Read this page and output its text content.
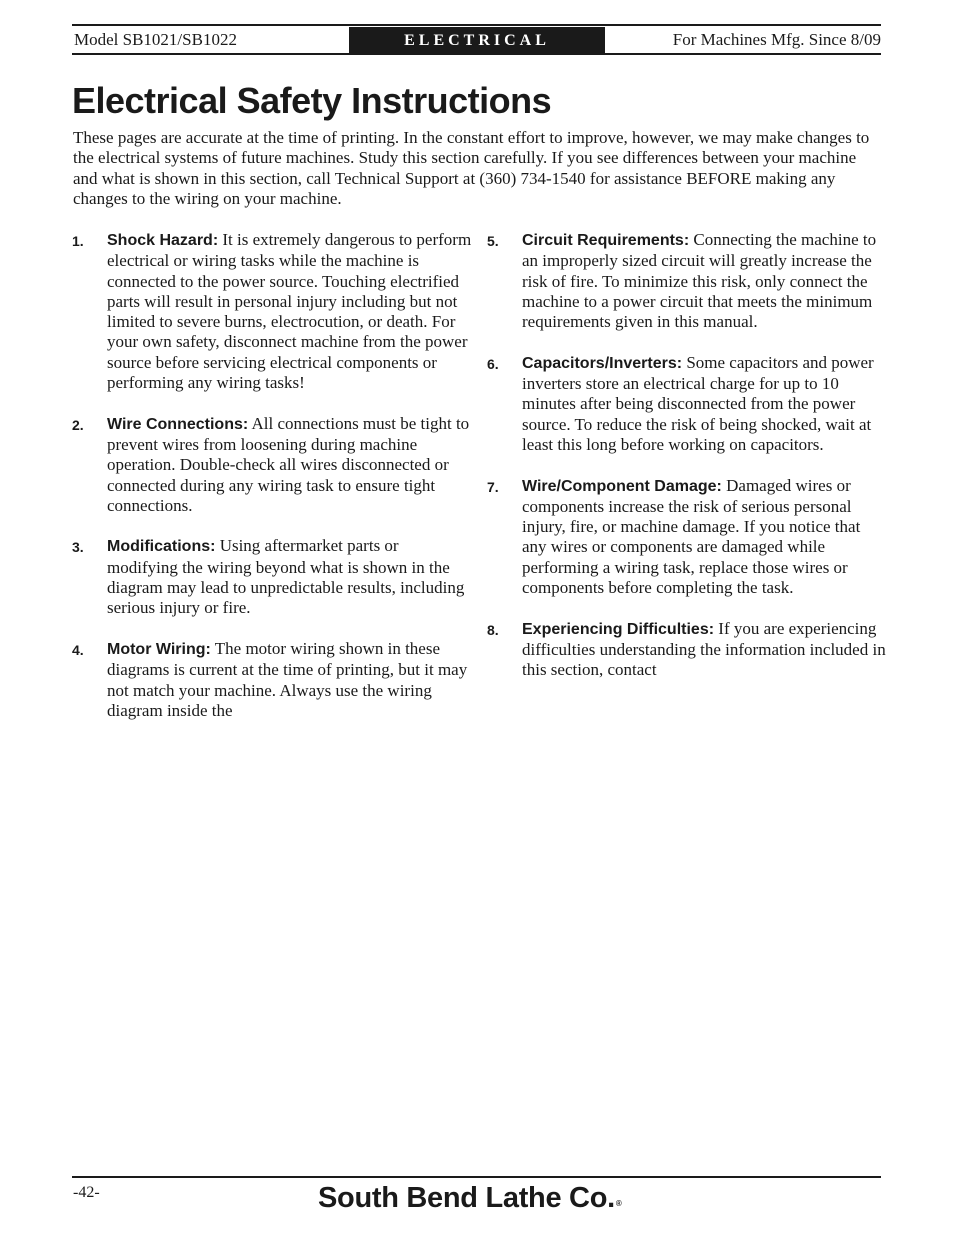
Model SB1021/SB1022	ELECTRICAL	For Machines Mfg. Since 8/09
Electrical Safety Instructions

These pages are accurate at the time of printing. In the constant effort to improve, however, we may make changes to the electrical systems of future machines. Study this section carefully. If you see differences between your machine and what is shown in this section, call Technical Support at (360) 734-1540 for assistance BEFORE making any changes to the wiring on your machine.

1. Shock Hazard: It is extremely dangerous to perform electrical or wiring tasks while the machine is connected to the power source. Touching electrified parts will result in personal injury including but not limited to severe burns, electrocution, or death. For your own safety, disconnect machine from the power source before servicing electrical components or performing any wiring tasks!
2. Wire Connections: All connections must be tight to prevent wires from loosening during machine operation. Double-check all wires disconnected or connected during any wiring task to ensure tight connections.
3. Modifications: Using aftermarket parts or modifying the wiring beyond what is shown in the diagram may lead to unpredictable results, including serious injury or fire.
4. Motor Wiring: The motor wiring shown in these diagrams is current at the time of printing, but it may not match your machine. Always use the wiring diagram inside the
5. Circuit Requirements: Connecting the machine to an improperly sized circuit will greatly increase the risk of fire. To minimize this risk, only connect the machine to a power circuit that meets the minimum requirements given in this manual.
6. Capacitors/Inverters: Some capacitors and power inverters store an electrical charge for up to 10 minutes after being disconnected from the power source. To reduce the risk of being shocked, wait at least this long before working on capacitors.
7. Wire/Component Damage: Damaged wires or components increase the risk of serious personal injury, fire, or machine damage. If you notice that any wires or components are damaged while performing a wiring task, replace those wires or components before completing the task.
8. Experiencing Difficulties: If you are experiencing difficulties understanding the information included in this section, contact
-42-	South Bend Lathe Co.®
